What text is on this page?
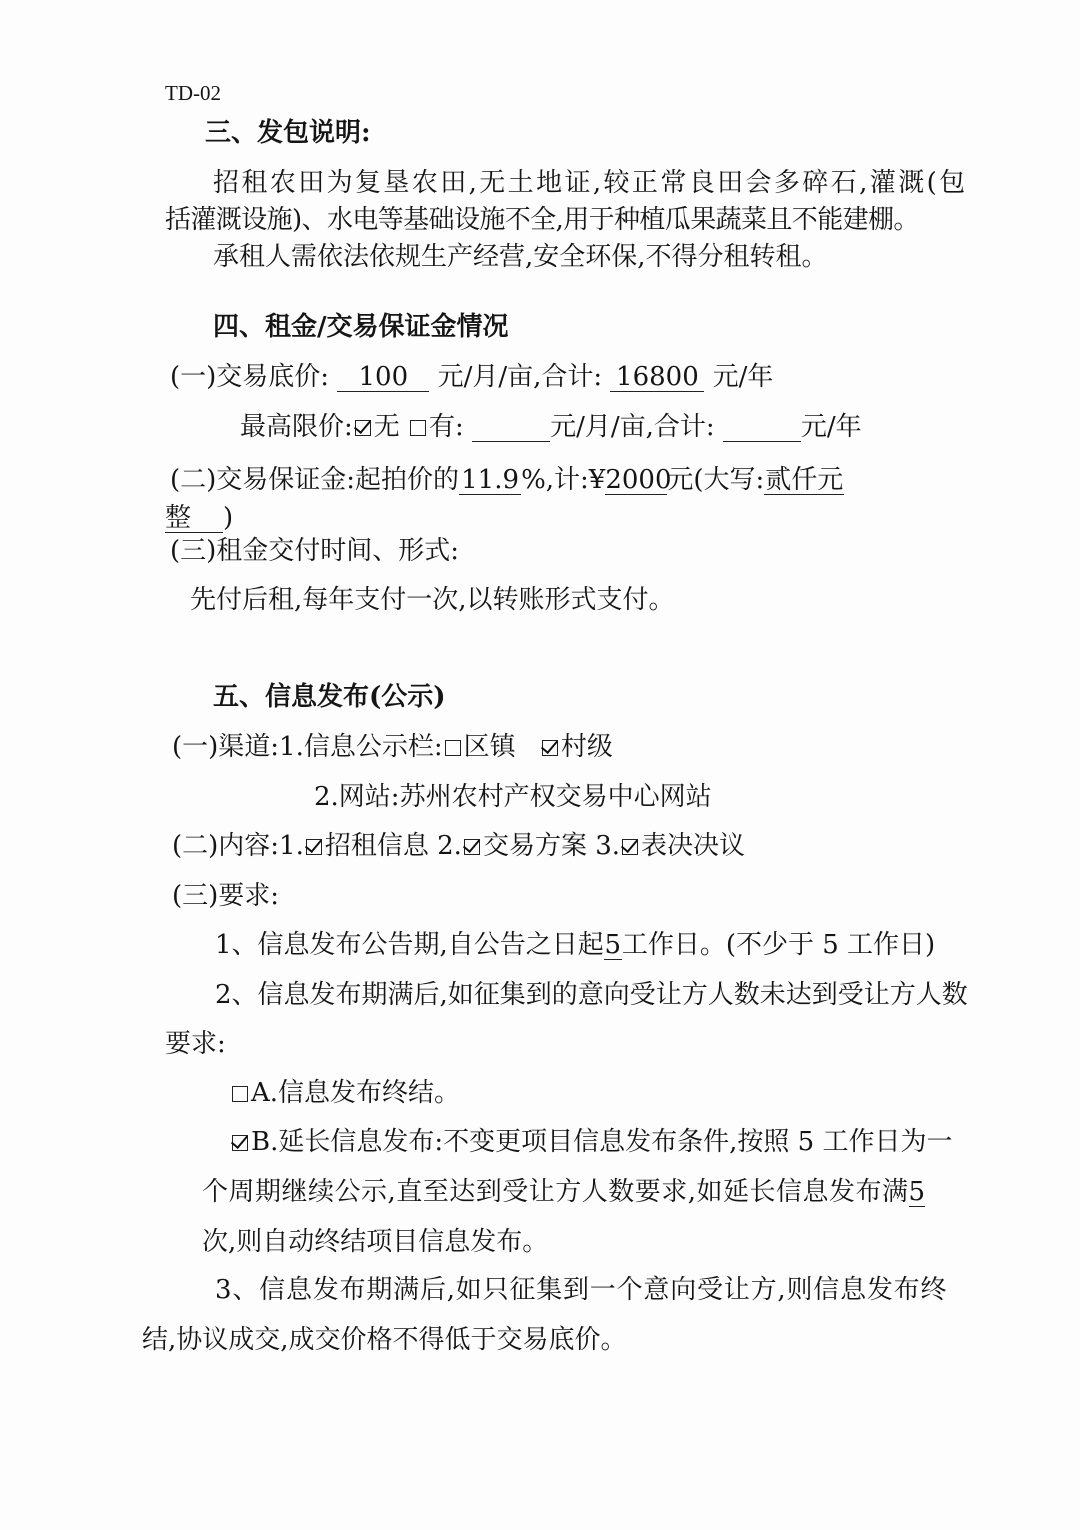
TD-02
三、发包说明:
招租农田为复垦农田,无土地证,较正常良田会多碎石,灌溉(包
括灌溉设施)、水电等基础设施不全,用于种植瓜果蔬菜且不能建棚。
承租人需依法依规生产经营,安全环保,不得分租转租。
四、租金/交易保证金情况
(一)交易底价: 100 元/月/亩,合计: 16800 元/年
最高限价: 无 有:	元/月/亩,合计:	元/年
(二)交易保证金:起拍价的11.9%,计:¥2000元(大写:贰仟元
整 )
(三)租金交付时间、形式:
先付后租,每年支付一次,以转账形式支付。
五、信息发布(公示)
(一)渠道:1.信息公示栏: 区镇 村级
2.网站:苏州农村产权交易中心网站
(二)内容:1. 招租信息 2. 交易方案 3. 表决决议
(三)要求:
1、信息发布公告期,自公告之日起5工作日。(不少于 5 工作日)
2、信息发布期满后,如征集到的意向受让方人数未达到受让方人数
要求:
A.信息发布终结。
B.延长信息发布:不变更项目信息发布条件,按照 5 工作日为一
个周期继续公示,直至达到受让方人数要求,如延长信息发布满5
次,则自动终结项目信息发布。
3、信息发布期满后,如只征集到一个意向受让方,则信息发布终
结,协议成交,成交价格不得低于交易底价。
